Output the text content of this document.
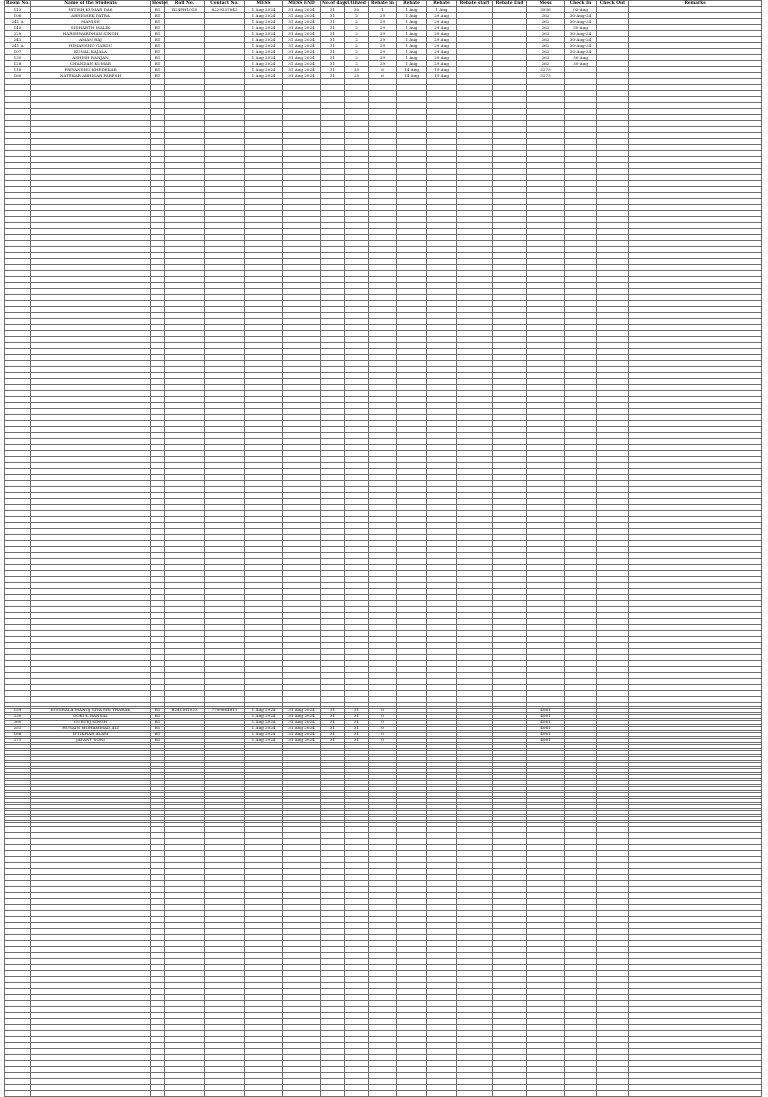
Room No.	Name of the Students	Hostel	Roll No.	Contact No.	MESS	MESS END	No.of days	Utilized	Rebate in	Rebate	Rebate	Rebate start	Rebate End	Mess	Check In	Check Out	Remarks
113	NITISH KUMAR DAS	B1	B24PH1018	8229537642	1 Aug 2024	31 Aug 2024	31	30	1	1 Aug	1 Aug			3936	02-Aug		
106	ABHISHEK PATRA	B1			1 Aug 2024	31 Aug 2024	31	2	29	1 Aug	29 Aug			262	30-Aug-24		
241 A	MANISH	B1			1 Aug 2024	31 Aug 2024	31	2	29	1 Aug	29 Aug			262	30-Aug-24		
145	SIDHARTH MALIK	B1			1 Aug 2024	31 Aug 2024	31	2	29	1 Aug	29 Aug			262	30-Aug		
229	HARSHWARDHAN SINGH	B1			1 Aug 2024	31 Aug 2024	31	2	29	1 Aug	29 Aug			262	30-Aug-24		
241	AMAN RAJ	B1			1 Aug 2024	31 Aug 2024	31	2	29	1 Aug	29 Aug			262	30-Aug-24		
241 A	HIMANSHU GARDU	B1			1 Aug 2024	31 Aug 2024	31	2	29	1 Aug	29 Aug			262	30-Aug-24		
107	KUNAL KAJALA	B1			1 Aug 2024	31 Aug 2024	31	2	29	1 Aug	29 Aug			262	30-Aug-24		
135	ASHISH RANJAN	B1			1 Aug 2024	31 Aug 2024	31	2	29	1 Aug	29 Aug			262	30-Aug		
128	CHANDAN KUMAR	B1			1 Aug 2024	31 Aug 2024	31	2	29	1 Aug	29 Aug			262	30-Aug		
118	PRIYANSHU KHEDEKAR	B1			1 Aug 2024	31 Aug 2024	31	25	6	14 Aug	19 Aug			3275			
160	NATEKAR ABHISAR PARESH	B1			1 Aug 2024	31 Aug 2024	31	25	6	14 Aug	19 Aug			3275			

159	EGGIRALA MANOJ SIVA SRI THARAK	B1	B24CM1022	7799664811	1 Aug 2024	31 Aug 2024	31	31	0					4061			
230	GOKUL BANSAL	B1			1 Aug 2024	31 Aug 2024	31	31	0					4061			
260	GURTEJ SINGH	B1			1 Aug 2024	31 Aug 2024	31	31	0					4061			
251	HUSAIN MOHAMMAD ALI	B1			1 Aug 2024	31 Aug 2024	31	31	0					4061			
168	IFTIKHAR ALAM	B1			1 Aug 2024	31 Aug 2024	31	31	0					4061			
271	JAYANT SONI	B1			1 Aug 2024	31 Aug 2024	31	31	0					4061			
